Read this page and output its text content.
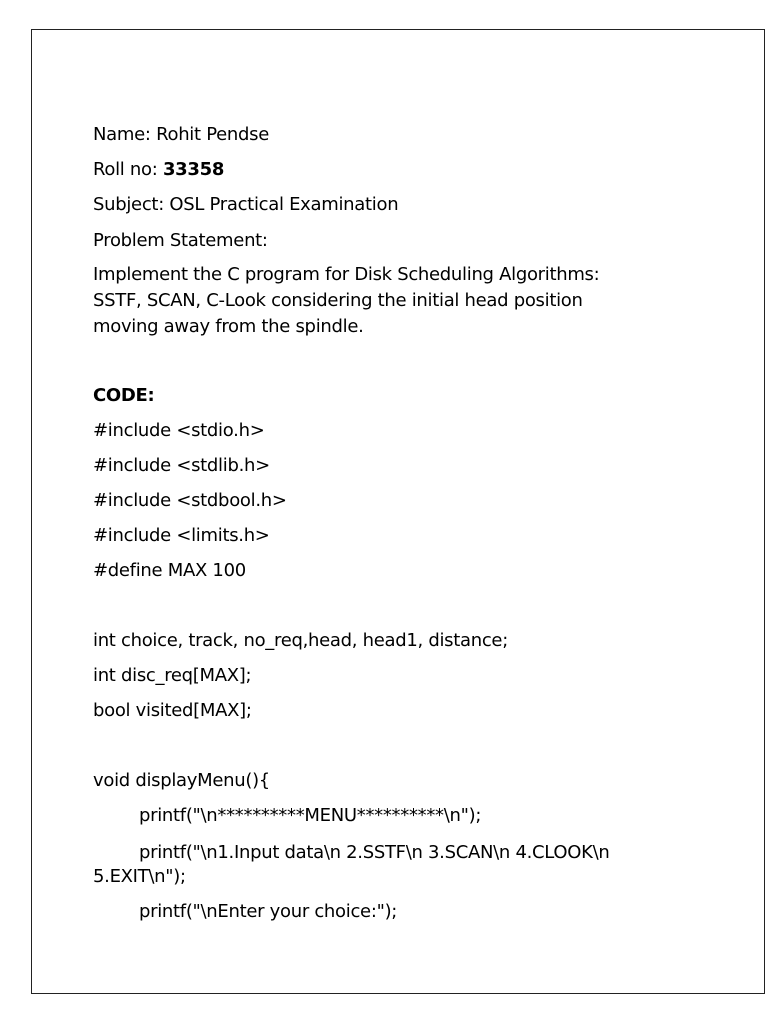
Name: Rohit Pendse
Roll no: 33358
Subject: OSL Practical Examination
Problem Statement:
Implement the C program for Disk Scheduling Algorithms: SSTF, SCAN, C-Look considering the initial head position moving away from the spindle.
CODE:
#include <stdio.h>
#include <stdlib.h>
#include <stdbool.h>
#include <limits.h>
#define MAX 100
int choice, track, no_req,head, head1, distance;
int disc_req[MAX];
bool visited[MAX];
void displayMenu(){
printf("\n**********MENU**********\n");
printf("\n1.Input data\n 2.SSTF\n 3.SCAN\n 4.CLOOK\n
5.EXIT\n");
printf("\nEnter your choice:");
